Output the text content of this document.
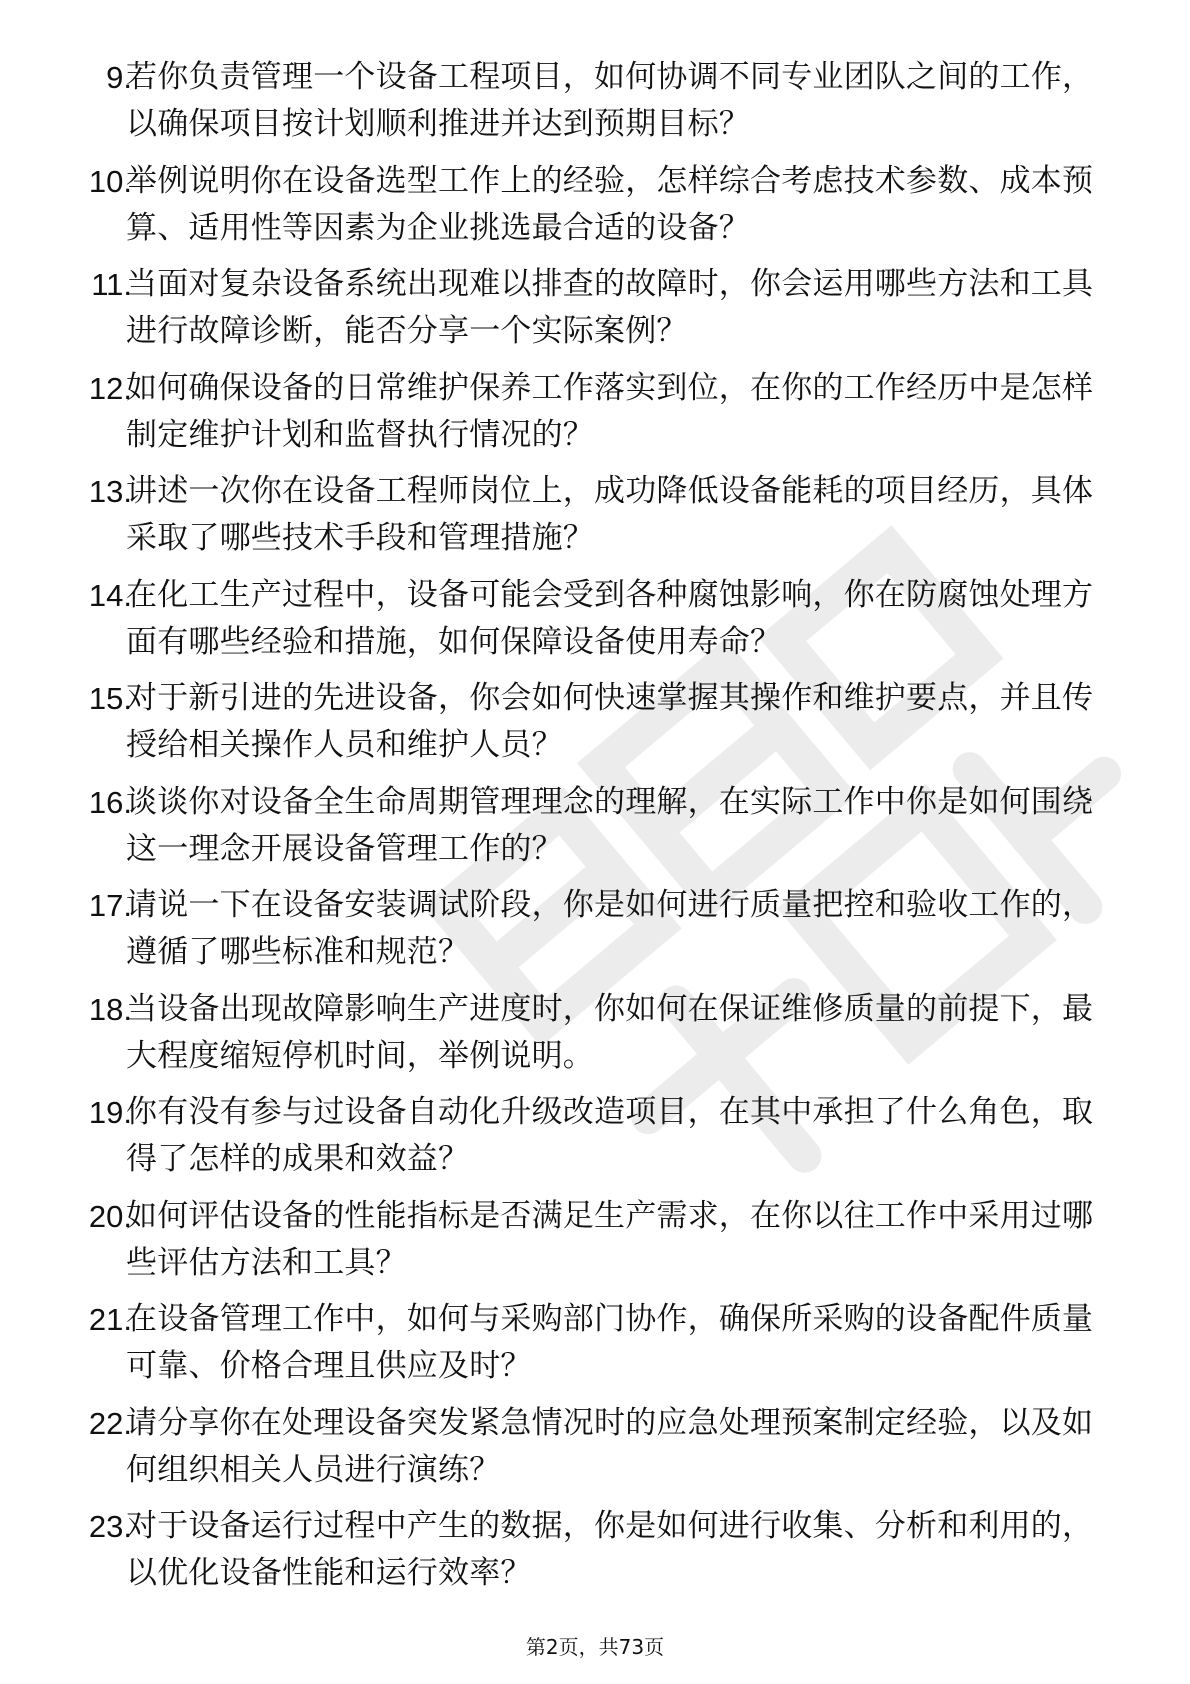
9.
若你负责管理一个设备工程项目，如何协调不同专业团队之间的工作，以确保项目按计划顺利推进并达到预期目标？
10.
举例说明你在设备选型工作上的经验，怎样综合考虑技术参数、成本预算、适用性等因素为企业挑选最合适的设备？
11.
当面对复杂设备系统出现难以排查的故障时，你会运用哪些方法和工具进行故障诊断，能否分享一个实际案例？
12.
如何确保设备的日常维护保养工作落实到位，在你的工作经历中是怎样制定维护计划和监督执行情况的？
13.
讲述一次你在设备工程师岗位上，成功降低设备能耗的项目经历，具体采取了哪些技术手段和管理措施？
14.
在化工生产过程中，设备可能会受到各种腐蚀影响，你在防腐蚀处理方面有哪些经验和措施，如何保障设备使用寿命？
15.
对于新引进的先进设备，你会如何快速掌握其操作和维护要点，并且传授给相关操作人员和维护人员？
16.
谈谈你对设备全生命周期管理理念的理解，在实际工作中你是如何围绕这一理念开展设备管理工作的？
17.
请说一下在设备安装调试阶段，你是如何进行质量把控和验收工作的，遵循了哪些标准和规范？
18.
当设备出现故障影响生产进度时，你如何在保证维修质量的前提下，最大程度缩短停机时间，举例说明。
19.
你有没有参与过设备自动化升级改造项目，在其中承担了什么角色，取得了怎样的成果和效益？
20.
如何评估设备的性能指标是否满足生产需求，在你以往工作中采用过哪些评估方法和工具？
21.
在设备管理工作中，如何与采购部门协作，确保所采购的设备配件质量可靠、价格合理且供应及时？
22.
请分享你在处理设备突发紧急情况时的应急处理预案制定经验，以及如何组织相关人员进行演练？
23.
对于设备运行过程中产生的数据，你是如何进行收集、分析和利用的，以优化设备性能和运行效率？
第2页，共73页
